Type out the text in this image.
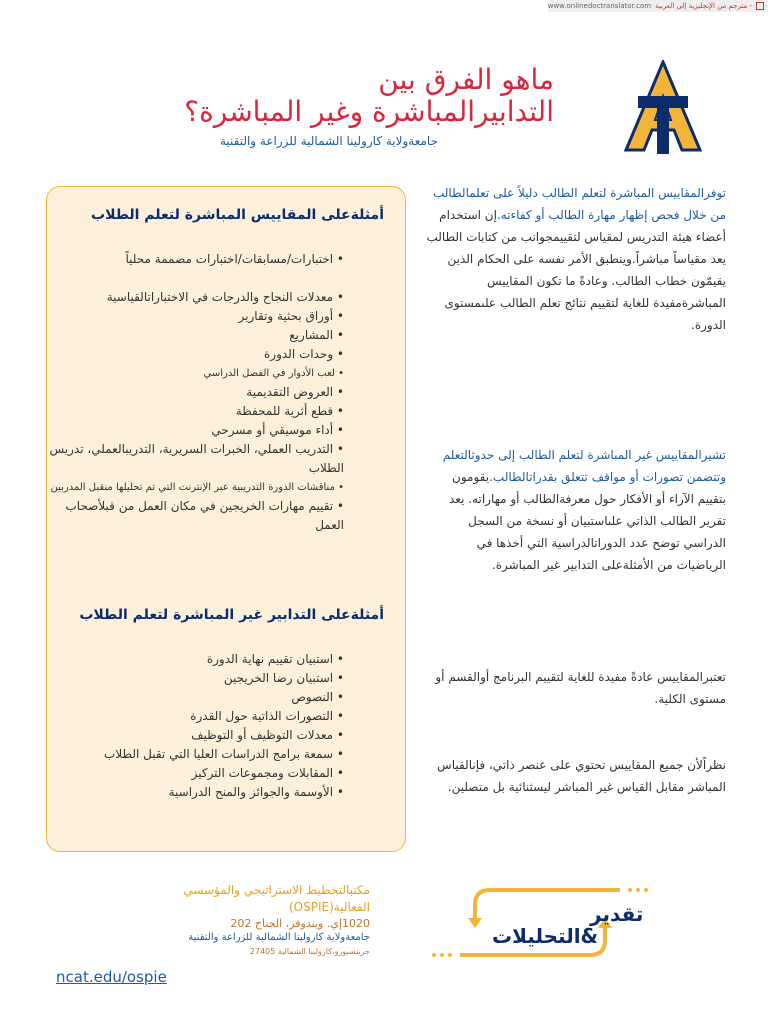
www.onlinedoctranslator.com مترجم من الإنجليزية إلى العربية -
ماهو الفرق بين
التدابيرالمباشرة وغير المباشرة؟
جامعةولاية كارولينا الشمالية للزراعة والتقنية
أمثلةعلى المقاييس المباشرة لتعلم الطلاب
• اختبارات/مسابقات/اختبارات مصممة محلياً
• معدلات النجاح والدرجات في الاختباراتالقياسية
• أوراق بحثية وتقارير
• المشاريع
• وحدات الدورة
• لعب الأدوار في الفصل الدراسي
• العروض التقديمية
• قطع أثرية للمحفظة
• أداء موسيقي أو مسرحي
• التدريب العملي، الخبرات السريرية، التدريبالعملي، تدريس الطلاب
• مناقشات الدورة التدريبية عبر الإنترنت التي تم تحليلها منقبل المدربين
• تقييم مهارات الخريجين في مكان العمل من قبلأصحاب العمل
أمثلةعلى التدابير غير المباشرة لتعلم الطلاب
• استبيان تقييم نهاية الدورة
• استبيان رضا الخريجين
• النصوص
• التصورات الذاتية حول القدرة
• معدلات التوظيف أو التوظيف
• سمعة برامج الدراسات العليا التي تقبل الطلاب
• المقابلات ومجموعات التركيز
• الأوسمة والجوائز والمنح الدراسية
توفرالمقاييس المباشرة لتعلم الطالب دليلاً على تعلمالطالب من خلال فحص إظهار مهارة الطالب أو كفاءته.إن استخدام أعضاء هيئة التدريس لمقياس لتقييمجوانب من كتابات الطالب يعد مقياساً مباشراً.وينطبق الأمر نفسه على الحكام الذين يقيمّون خطاب الطالب. وعادةً ما تكون المقاييس المباشرةمفيدة للغاية لتقييم نتائج تعلم الطالب علىمستوى الدورة.
تشيرالمقاييس غير المباشرة لتعلم الطالب إلى حدوثالتعلم وتتضمن تصورات أو مواقف تتعلق بقدراتالطالب.يقومون بتقييم الآراء أو الأفكار حول معرفةالطالب أو مهاراته. يعد تقرير الطالب الذاتي علىاستبيان أو نسخة من السجل الدراسي توضح عدد الدوراتالدراسية التي أخذها في الرياضيات من الأمثلةعلى التدابير غير المباشرة.
تعتبرالمقاييس عادةً مفيدة للغاية لتقييم البرنامج أوالقسم أو مستوى الكلية.
نظراًلأن جميع المقاييس تحتوي على عنصر ذاتي، فإنالقياس المباشر مقابل القياس غير المباشر ليسثنائية بل متصلين.
مكتبالتخطيط الاستراتيجي والمؤسسي
الفعالية(OSPIE)
1020إي. ويندوفر، الجناح 202
جامعةولاية كارولينا الشمالية للزراعة والتقنية
جرينسبورو،كارولينا الشمالية 27405
ncat.edu/ospie
تقدير
&التحليلات
